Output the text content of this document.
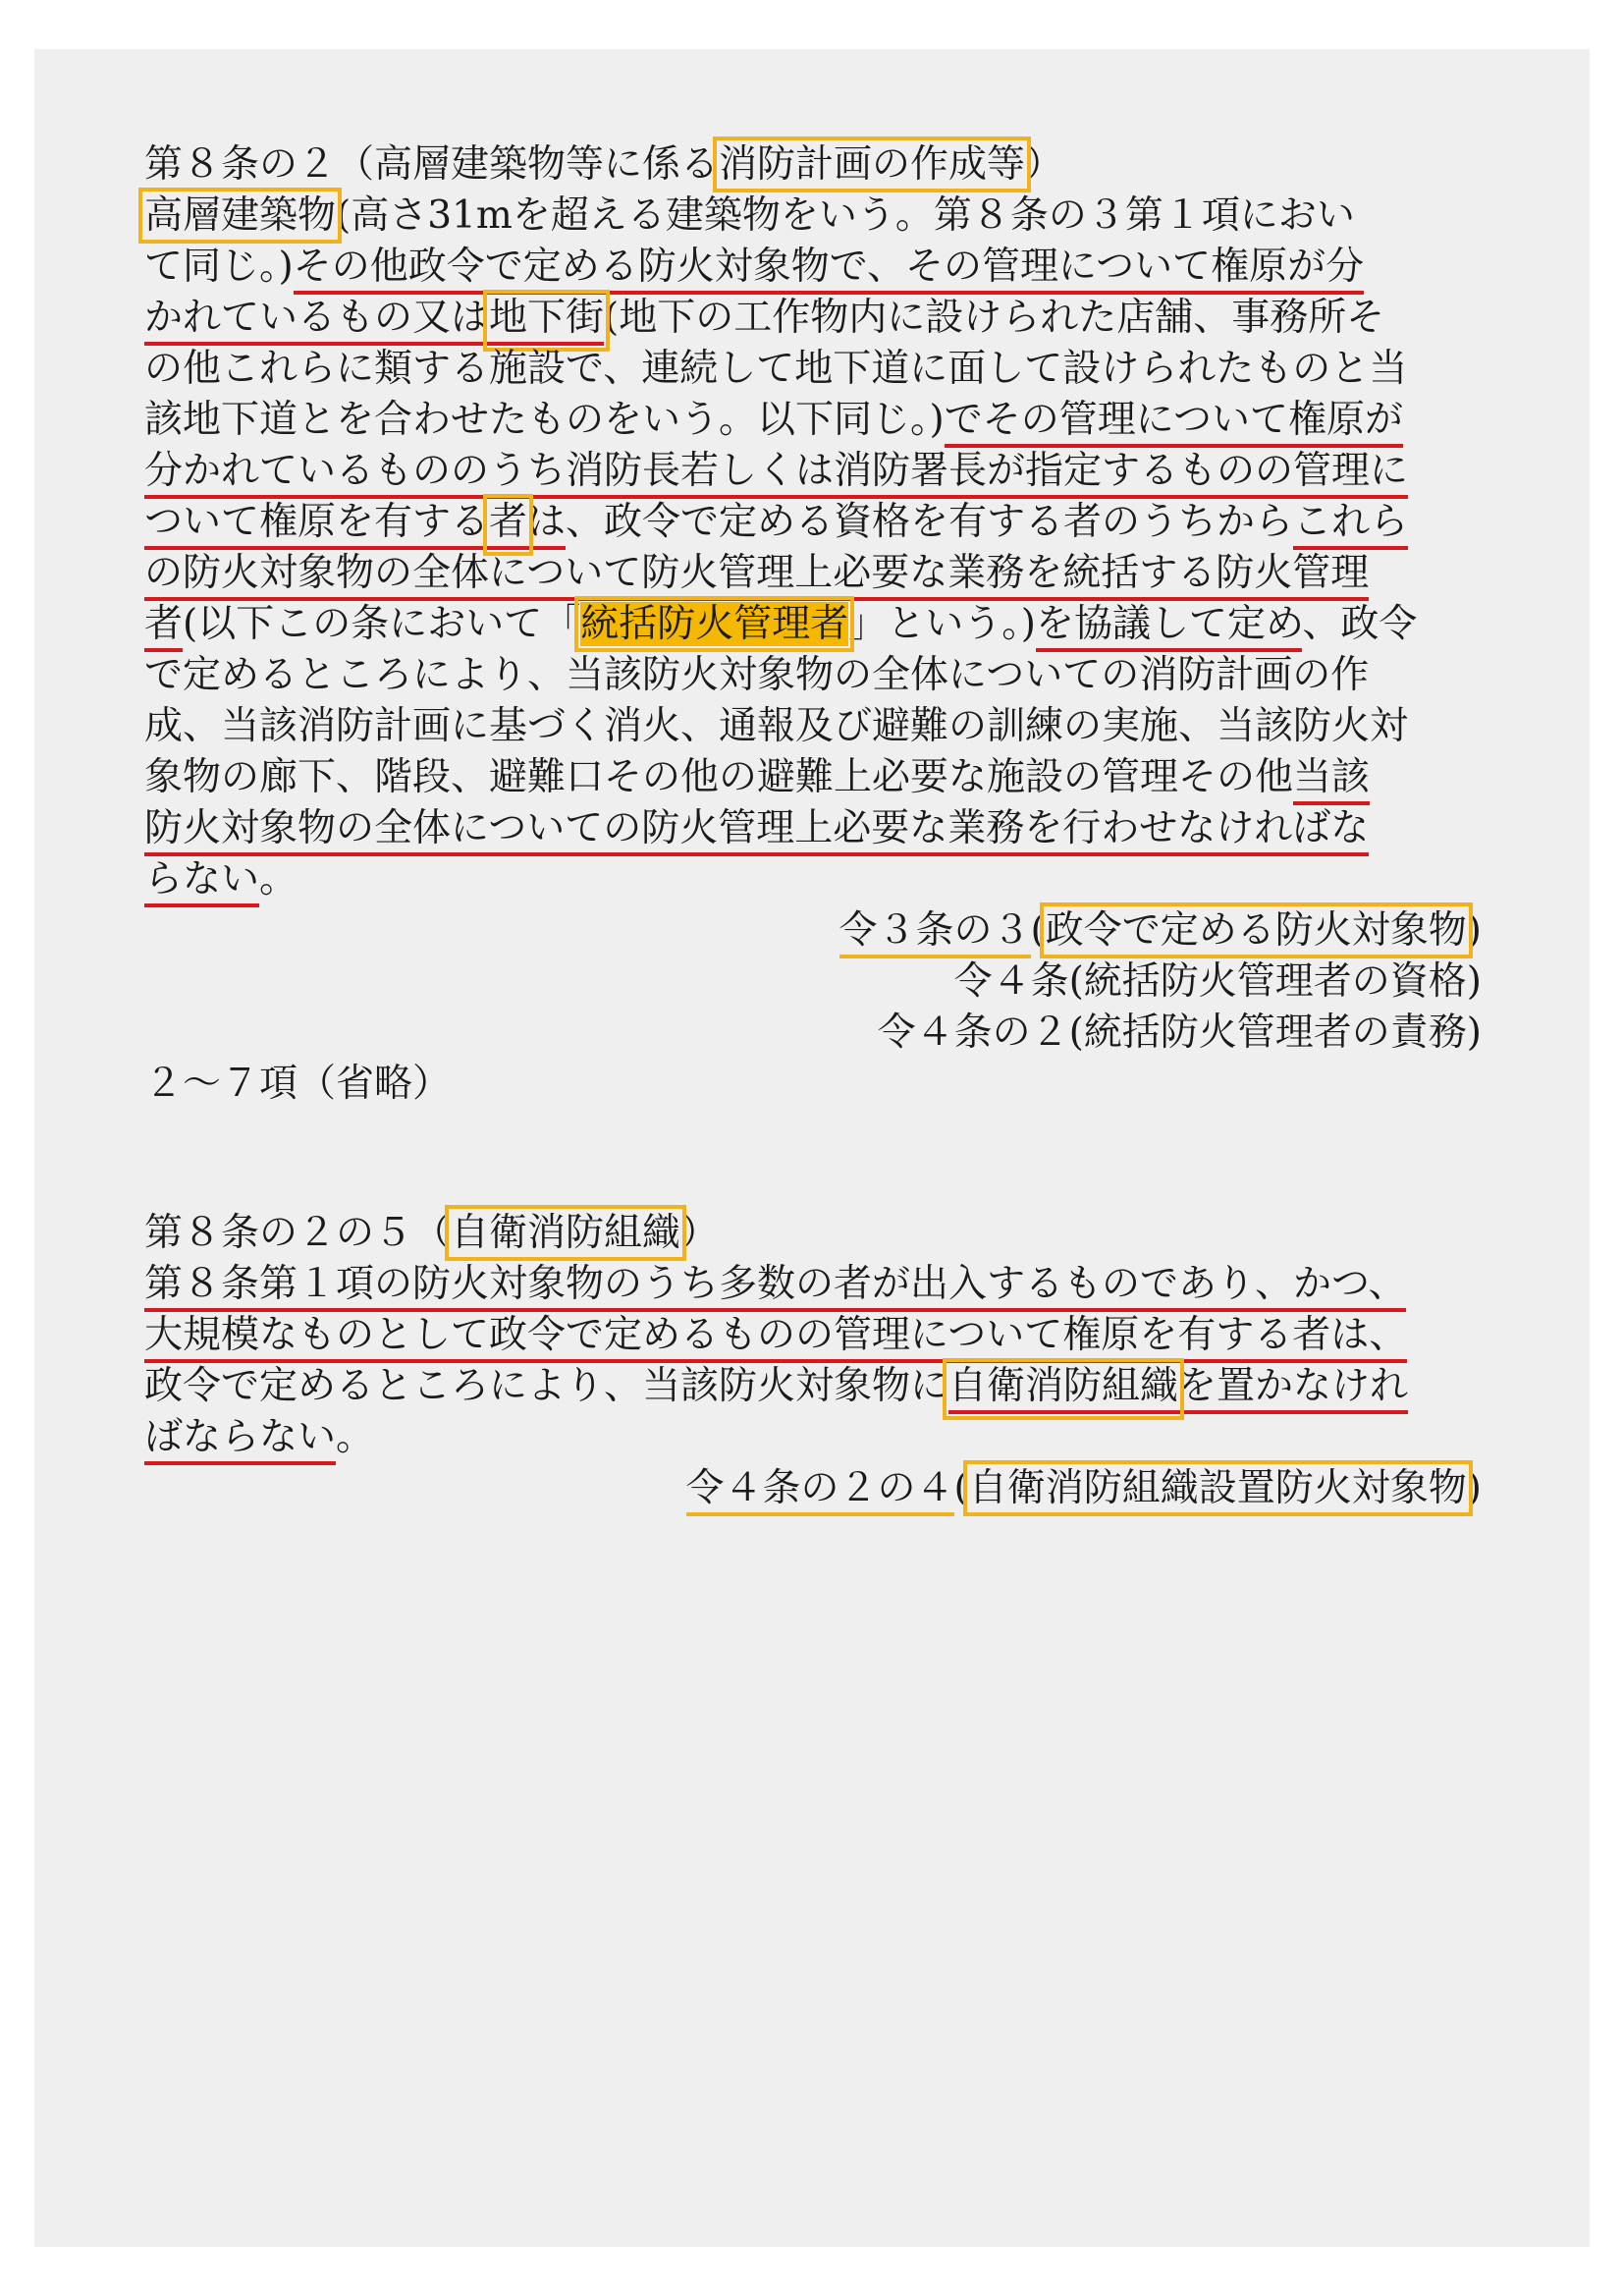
第８条の２（高層建築物等に係る消防計画の作成等）
高層建築物(高さ31mを超える建築物をいう。第８条の３第１項におい
て同じ。)その他政令で定める防火対象物で、その管理について権原が分
かれているもの又は地下街(地下の工作物内に設けられた店舗、事務所そ
の他これらに類する施設で、連続して地下道に面して設けられたものと当
該地下道とを合わせたものをいう。以下同じ。)でその管理について権原が
分かれているもののうち消防長若しくは消防署長が指定するものの管理に
ついて権原を有する者は、政令で定める資格を有する者のうちからこれら
の防火対象物の全体について防火管理上必要な業務を統括する防火管理
者(以下この条において「統括防火管理者」という。)を協議して定め、政令
で定めるところにより、当該防火対象物の全体についての消防計画の作
成、当該消防計画に基づく消火、通報及び避難の訓練の実施、当該防火対
象物の廊下、階段、避難口その他の避難上必要な施設の管理その他当該
防火対象物の全体についての防火管理上必要な業務を行わせなければな
らない。
令３条の３(政令で定める防火対象物)
令４条(統括防火管理者の資格)
令４条の２(統括防火管理者の責務)
２～７項（省略）
第８条の２の５（自衛消防組織）
第８条第１項の防火対象物のうち多数の者が出入するものであり、かつ、
大規模なものとして政令で定めるものの管理について権原を有する者は、
政令で定めるところにより、当該防火対象物に自衛消防組織を置かなけれ
ばならない。
令４条の２の４(自衛消防組織設置防火対象物)
